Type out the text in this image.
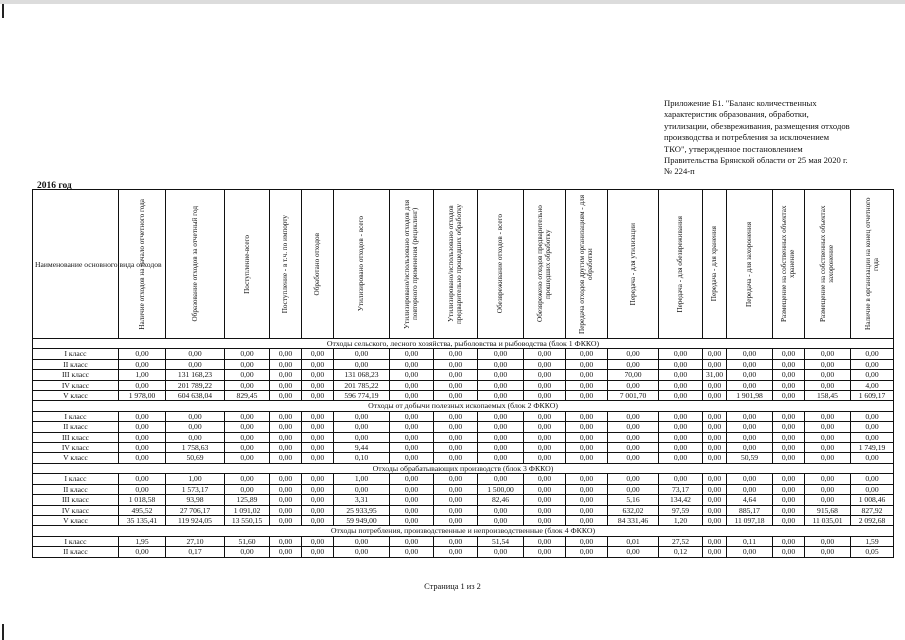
Приложение Б1. "Баланс количественных
характеристик образования, обработки,
утилизации, обезвреживания, размещения отходов
производства и потребления за исключением
ТКО", утвержденное постановлением
Правительства Брянской области от 25 мая 2020 г.
№ 224-п
2016 год
Наименование основного вида отходов	Наличие отходов на начало отчетного года	Образование отходов за отчетный год	Поступление-всего	Поступление - в т.ч. по импорту	Обработано отходов	Утилизировано отходов - всего	Утилизировано/использовано отходов для повторного применения (рециклинг)	Утилизировано/использовано отходов предварительно прошедших обработку	Обезвреживание отходов - всего	Обезврежено отходов предварительно прошедших обработку	Передача отходов другим организациям - для обработки	Передача - для утилизации	Передача - для обезвреживания	Передача - для хранения	Передача - для захоронения	Размещение на собственных объектах хранение	Размещение на собственных объектах захоронение	Наличие в организации на конец отчетного года

Отходы сельского, лесного хозяйства, рыболовства и рыбоводства (блок 1 ФККО)																		
I класс	0,00	0,00	0,00	0,00	0,00	0,00	0,00	0,00	0,00	0,00	0,00	0,00	0,00	0,00	0,00	0,00	0,00	0,00
II класс	0,00	0,00	0,00	0,00	0,00	0,00	0,00	0,00	0,00	0,00	0,00	0,00	0,00	0,00	0,00	0,00	0,00	0,00
III класс	1,00	131 168,23	0,00	0,00	0,00	131 068,23	0,00	0,00	0,00	0,00	0,00	70,00	0,00	31,00	0,00	0,00	0,00	0,00
IV класс	0,00	201 789,22	0,00	0,00	0,00	201 785,22	0,00	0,00	0,00	0,00	0,00	0,00	0,00	0,00	0,00	0,00	0,00	4,00
V класс	1 978,00	604 638,04	829,45	0,00	0,00	596 774,19	0,00	0,00	0,00	0,00	0,00	7 001,70	0,00	0,00	1 901,98	0,00	158,45	1 609,17
Отходы от добычи полезных ископаемых (блок 2 ФККО)																		
I класс	0,00	0,00	0,00	0,00	0,00	0,00	0,00	0,00	0,00	0,00	0,00	0,00	0,00	0,00	0,00	0,00	0,00	0,00
II класс	0,00	0,00	0,00	0,00	0,00	0,00	0,00	0,00	0,00	0,00	0,00	0,00	0,00	0,00	0,00	0,00	0,00	0,00
III класс	0,00	0,00	0,00	0,00	0,00	0,00	0,00	0,00	0,00	0,00	0,00	0,00	0,00	0,00	0,00	0,00	0,00	0,00
IV класс	0,00	1 758,63	0,00	0,00	0,00	9,44	0,00	0,00	0,00	0,00	0,00	0,00	0,00	0,00	0,00	0,00	0,00	1 749,19
V класс	0,00	50,69	0,00	0,00	0,00	0,10	0,00	0,00	0,00	0,00	0,00	0,00	0,00	0,00	50,59	0,00	0,00	0,00
Отходы обрабатывающих производств (блок 3 ФККО)																		
I класс	0,00	1,00	0,00	0,00	0,00	1,00	0,00	0,00	0,00	0,00	0,00	0,00	0,00	0,00	0,00	0,00	0,00	0,00
II класс	0,00	1 573,17	0,00	0,00	0,00	0,00	0,00	0,00	1 500,00	0,00	0,00	0,00	73,17	0,00	0,00	0,00	0,00	0,00
III класс	1 018,58	93,98	125,89	0,00	0,00	3,31	0,00	0,00	82,46	0,00	0,00	5,16	134,42	0,00	4,64	0,00	0,00	1 008,46
IV класс	495,52	27 706,17	1 091,02	0,00	0,00	25 933,95	0,00	0,00	0,00	0,00	0,00	632,02	97,59	0,00	885,17	0,00	915,68	827,92
V класс	35 135,41	119 924,05	13 550,15	0,00	0,00	59 949,00	0,00	0,00	0,00	0,00	0,00	84 331,46	1,20	0,00	11 097,18	0,00	11 035,01	2 092,68
Отходы потребления, производственные и непроизводственные (блок 4 ФККО)																		
I класс	1,95	27,10	51,60	0,00	0,00	0,00	0,00	0,00	51,54	0,00	0,00	0,01	27,52	0,00	0,11	0,00	0,00	1,59
II класс	0,00	0,17	0,00	0,00	0,00	0,00	0,00	0,00	0,00	0,00	0,00	0,00	0,12	0,00	0,00	0,00	0,00	0,05
Страница 1 из 2
